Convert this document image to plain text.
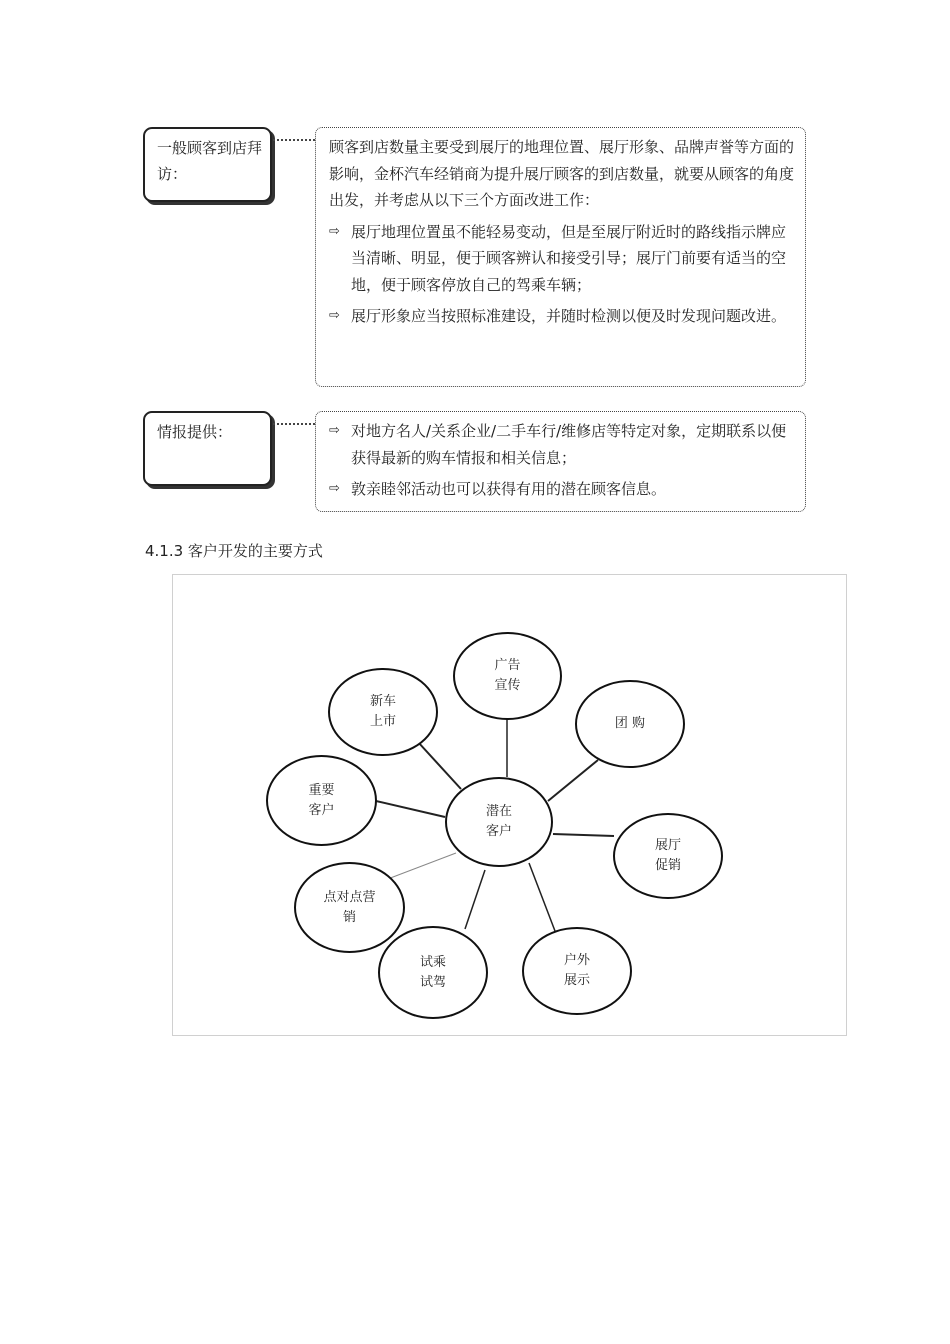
一般顾客到店拜访：

顾客到店数量主要受到展厅的地理位置、展厅形象、品牌声誉等方面的影响，金杯汽车经销商为提升展厅顾客的到店数量，就要从顾客的角度出发，并考虑从以下三个方面改进工作：

⇨ 展厅地理位置虽不能轻易变动，但是至展厅附近时的路线指示牌应当清晰、明显，便于顾客辨认和接受引导；展厅门前要有适当的空地，便于顾客停放自己的驾乘车辆；

⇨ 展厅形象应当按照标准建设，并随时检测以便及时发现问题改进。

情报提供：	⇨ 对地方名人/关系企业/二手车行/维修店等特定对象，定期联系以便获得最新的购车情报和相关信息；

⇨ 敦亲睦邻活动也可以获得有用的潜在顾客信息。

4.1.3 客户开发的主要方式
潜在
客户
广告
宣传
团 购
展厅
促销
户外
展示
试乘
试驾
点对点营
销
重要
客户
新车
上市
